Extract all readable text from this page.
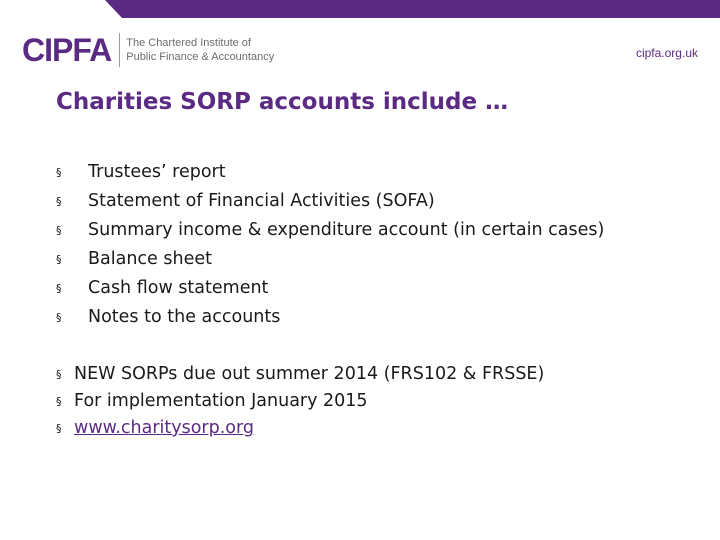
CIPFA The Chartered Institute of
Public Finance & Accountancy	cipfa.org.uk
Charities SORP accounts include …
§	Trustees’ report
§	Statement of Financial Activities (SOFA)
§	Summary income & expenditure account (in certain cases)
§	Balance sheet
§	Cash flow statement
§	Notes to the accounts
§ NEW SORPs due out summer 2014 (FRS102 & FRSSE)
§ For implementation January 2015
§ www.charitysorp.org
